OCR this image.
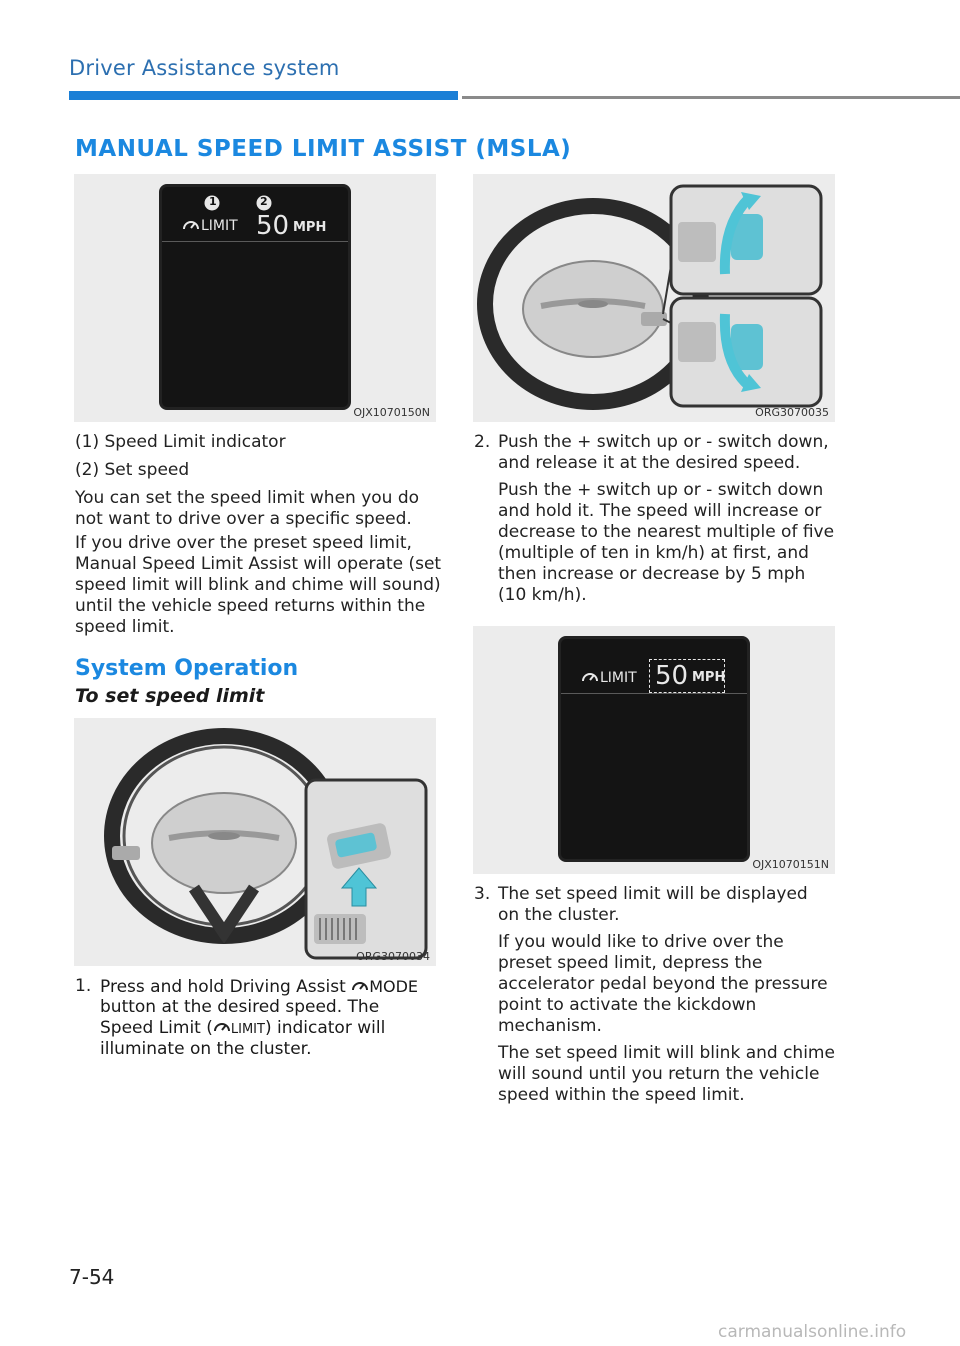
Driver Assistance system
MANUAL SPEED LIMIT ASSIST (MSLA)
1	2
LIMIT 50 MPH
OJX1070150N

(1) Speed Limit indicator

(2) Set speed

You can set the speed limit when you do not want to drive over a specific speed.

If you drive over the preset speed limit, Manual Speed Limit Assist will operate (set speed limit will blink and chime will sound) until the vehicle speed returns within the speed limit.

System Operation
To set speed limit
ORG3070034
1. Press and hold Driving Assist MODE
button at the desired speed. The
Speed Limit ( LIMIT) indicator will
illuminate on the cluster.
ORG3070035
2. Push the + switch up or - switch down, and release it at the desired speed.

Push the + switch up or - switch down and hold it. The speed will increase or decrease to the nearest multiple of five (multiple of ten in km/h) at first, and then increase or decrease by 5 mph (10 km/h).

LIMIT 50 MPH
OJX1070151N
3. The set speed limit will be displayed on the cluster.

If you would like to drive over the preset speed limit, depress the accelerator pedal beyond the pressure point to activate the kickdown mechanism.

The set speed limit will blink and chime will sound until you return the vehicle speed within the speed limit.

7-54
carmanualsonline.info
